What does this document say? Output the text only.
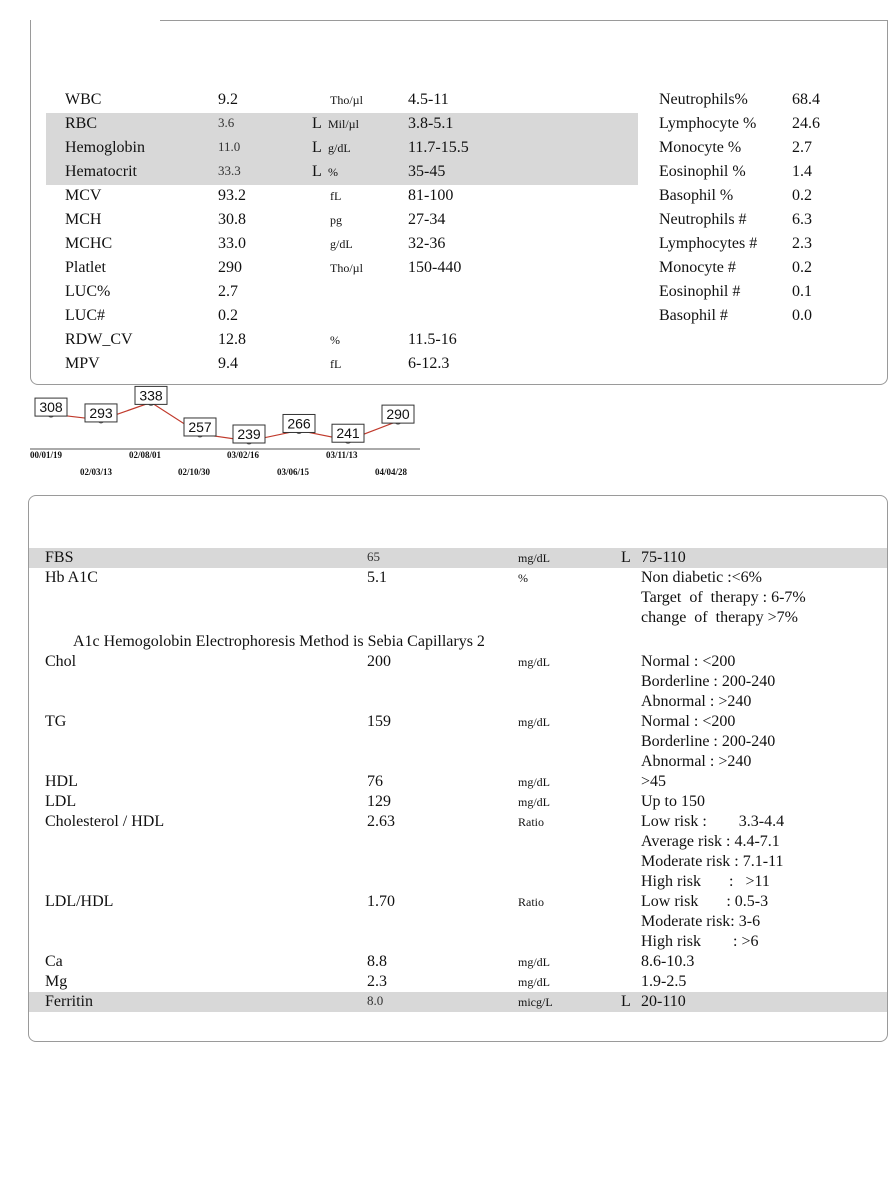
WBC	9.2	Tho/µl	4.5-11
RBC	3.6	L Mil/µl	3.8-5.1
Hemoglobin	11.0	L g/dL	11.7-15.5
Hematocrit	33.3	L %	35-45
MCV	93.2	fL	81-100
MCH	30.8	pg	27-34
MCHC	33.0	g/dL	32-36
Platlet	290	Tho/µl	150-440
LUC%	2.7
LUC#	0.2
RDW_CV	12.8	%	11.5-16
MPV	9.4	fL	6-12.3
Neutrophils%	68.4
Lymphocyte % 24.6
Monocyte %	2.7
Eosinophil %	1.4
Basophil %	0.2
Neutrophils #	6.3
Lymphocytes # 2.3
Monocyte #	0.2
Eosinophil #	0.1
Basophil #	0.0
308 293
338
257 239
266
241
290
00/01/19	02/08/01	03/02/16	03/11/13
02/03/13	02/10/30	03/06/15	04/04/28
FBS	65	mg/dL	L 75-110
Hb A1C	5.1	%	Non diabetic :<6%
Target  of  therapy : 6-7%
change  of  therapy >7%
A1c Hemogolobin Electrophoresis Method is Sebia Capillarys 2
Chol	200	mg/dL	Normal : <200
Borderline : 200-240
Abnormal : >240
TG	159	mg/dL	Normal : <200
Borderline : 200-240
Abnormal : >240
HDL	76	mg/dL	>45
LDL	129	mg/dL	Up to 150
Cholesterol / HDL	2.63	Ratio	Low risk :        3.3-4.4
Average risk : 4.4-7.1
Moderate risk : 7.1-11
High risk       :   >11
LDL/HDL	1.70	Ratio	Low risk       : 0.5-3
Moderate risk: 3-6
High risk        : >6
Ca	8.8	mg/dL	8.6-10.3
Mg	2.3	mg/dL	1.9-2.5
Ferritin	8.0	micg/L	L 20-110
